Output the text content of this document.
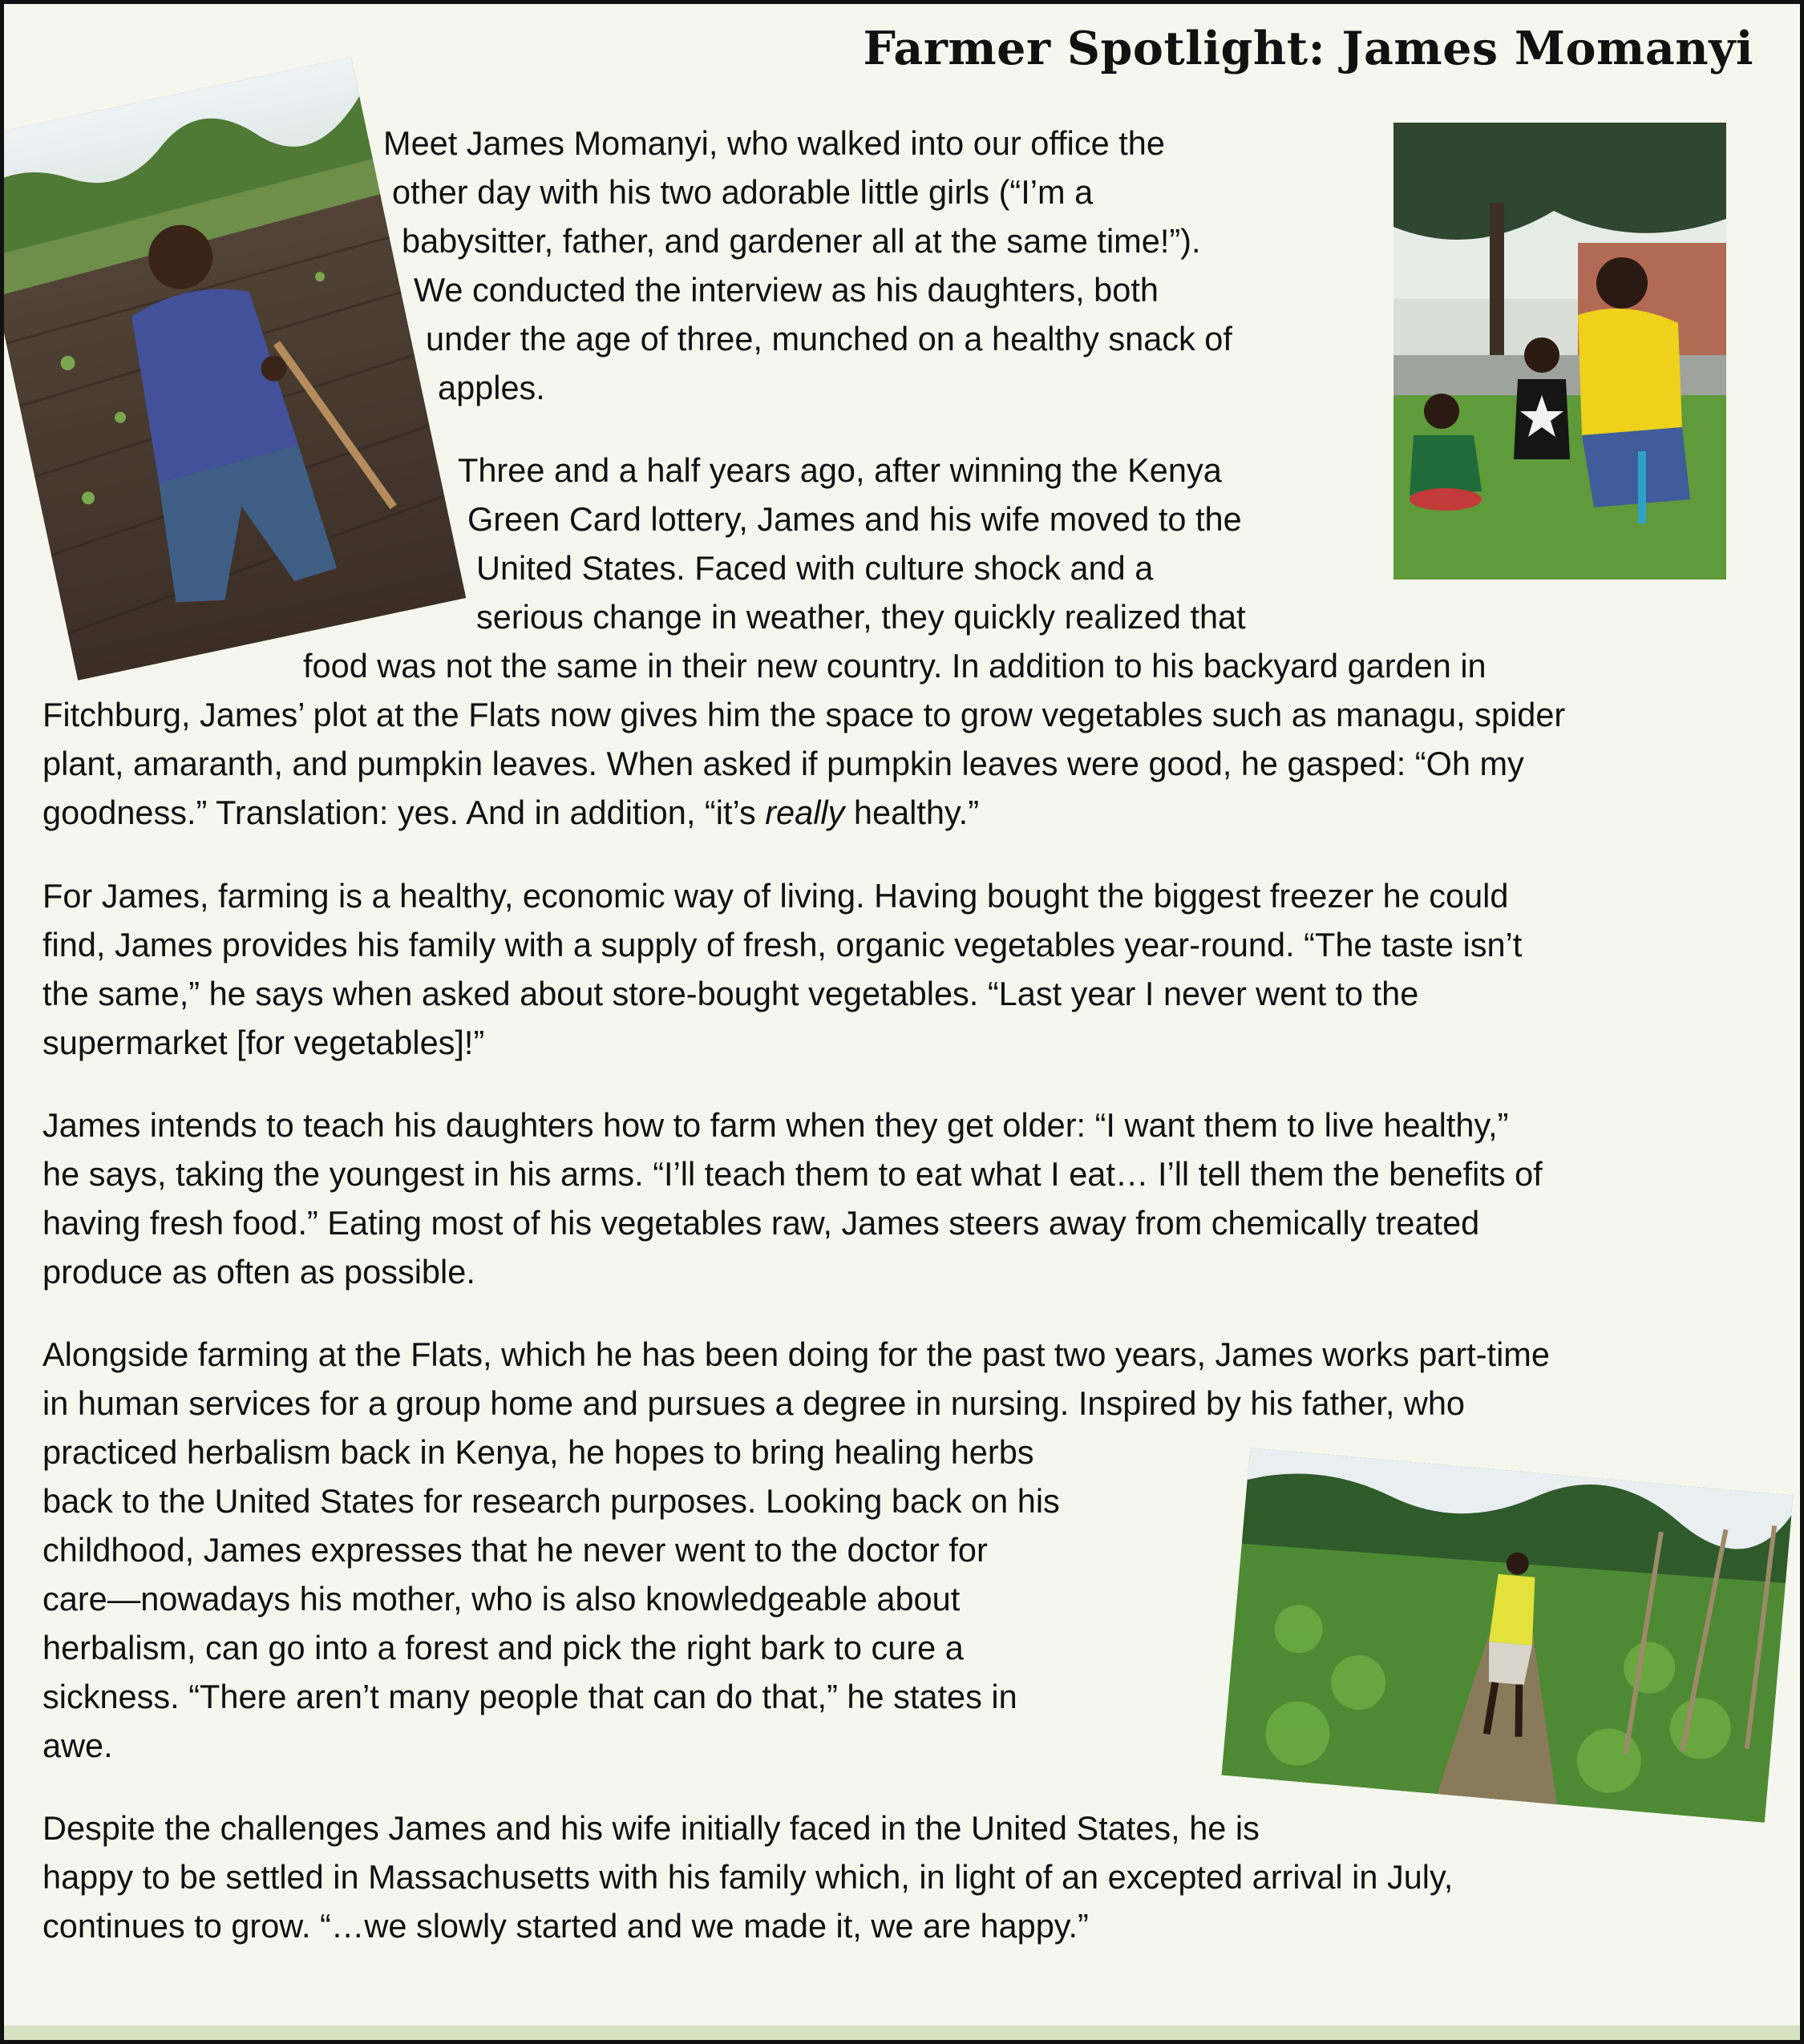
Farmer Spotlight: James Momanyi

Meet James Momanyi, who walked into our office the

other day with his two adorable little girls (“I’m a

babysitter, father, and gardener all at the same time!”).

We conducted the interview as his daughters, both

under the age of three, munched on a healthy snack of

apples.

Three and a half years ago, after winning the Kenya

Green Card lottery, James and his wife moved to the

United States. Faced with culture shock and a

serious change in weather, they quickly realized that

food was not the same in their new country. In addition to his backyard garden in

Fitchburg, James’ plot at the Flats now gives him the space to grow vegetables such as managu, spider

plant, amaranth, and pumpkin leaves. When asked if pumpkin leaves were good, he gasped: “Oh my

goodness.” Translation: yes. And in addition, “it’s really healthy.”

For James, farming is a healthy, economic way of living. Having bought the biggest freezer he could

find, James provides his family with a supply of fresh, organic vegetables year-round. “The taste isn’t

the same,” he says when asked about store-bought vegetables. “Last year I never went to the

supermarket [for vegetables]!”

James intends to teach his daughters how to farm when they get older: “I want them to live healthy,”

he says, taking the youngest in his arms. “I’ll teach them to eat what I eat… I’ll tell them the benefits of

having fresh food.” Eating most of his vegetables raw, James steers away from chemically treated

produce as often as possible.

Alongside farming at the Flats, which he has been doing for the past two years, James works part-time

in human services for a group home and pursues a degree in nursing. Inspired by his father, who

practiced herbalism back in Kenya, he hopes to bring healing herbs

back to the United States for research purposes. Looking back on his

childhood, James expresses that he never went to the doctor for

care—nowadays his mother, who is also knowledgeable about

herbalism, can go into a forest and pick the right bark to cure a

sickness. “There aren’t many people that can do that,” he states in

awe.

Despite the challenges James and his wife initially faced in the United States, he is

happy to be settled in Massachusetts with his family which, in light of an excepted arrival in July,

continues to grow. “…we slowly started and we made it, we are happy.”
